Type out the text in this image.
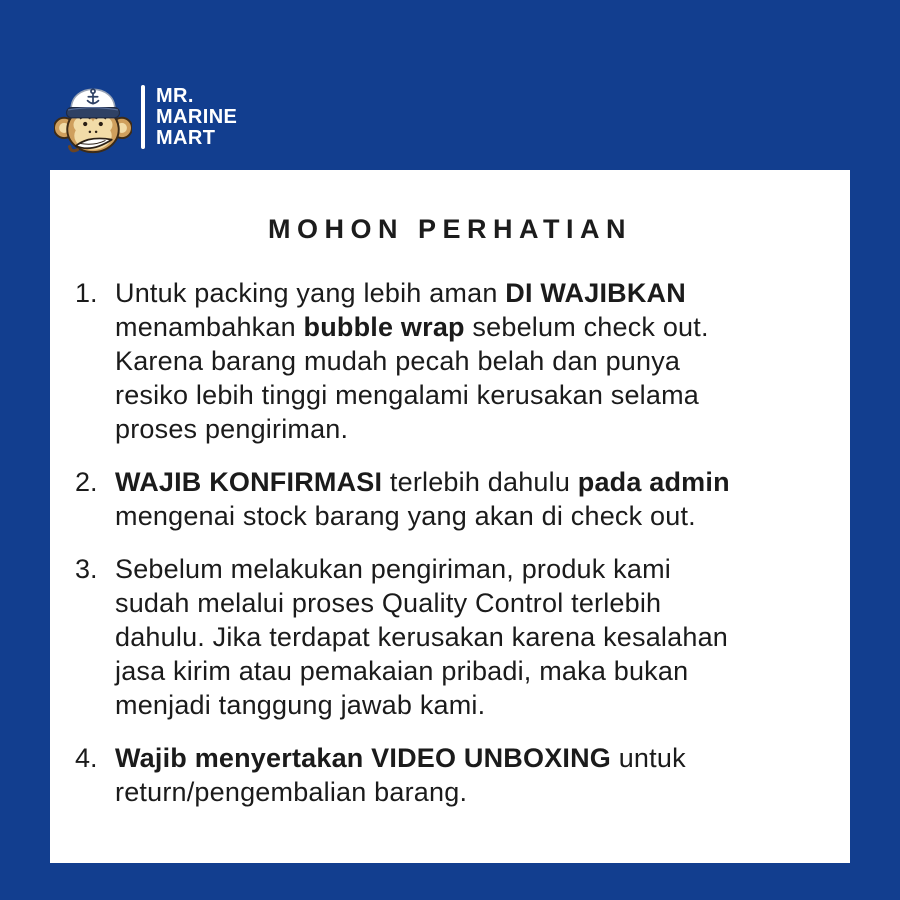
MR.
MARINE
MART
MOHON PERHATIAN
1. Untuk packing yang lebih aman DI WAJIBKAN
menambahkan bubble wrap sebelum check out.
Karena barang mudah pecah belah dan punya
resiko lebih tinggi mengalami kerusakan selama
proses pengiriman.
2. WAJIB KONFIRMASI terlebih dahulu pada admin
mengenai stock barang yang akan di check out.
3. Sebelum melakukan pengiriman, produk kami
sudah melalui proses Quality Control terlebih
dahulu. Jika terdapat kerusakan karena kesalahan
jasa kirim atau pemakaian pribadi, maka bukan
menjadi tanggung jawab kami.
4. Wajib menyertakan VIDEO UNBOXING untuk
return/pengembalian barang.
